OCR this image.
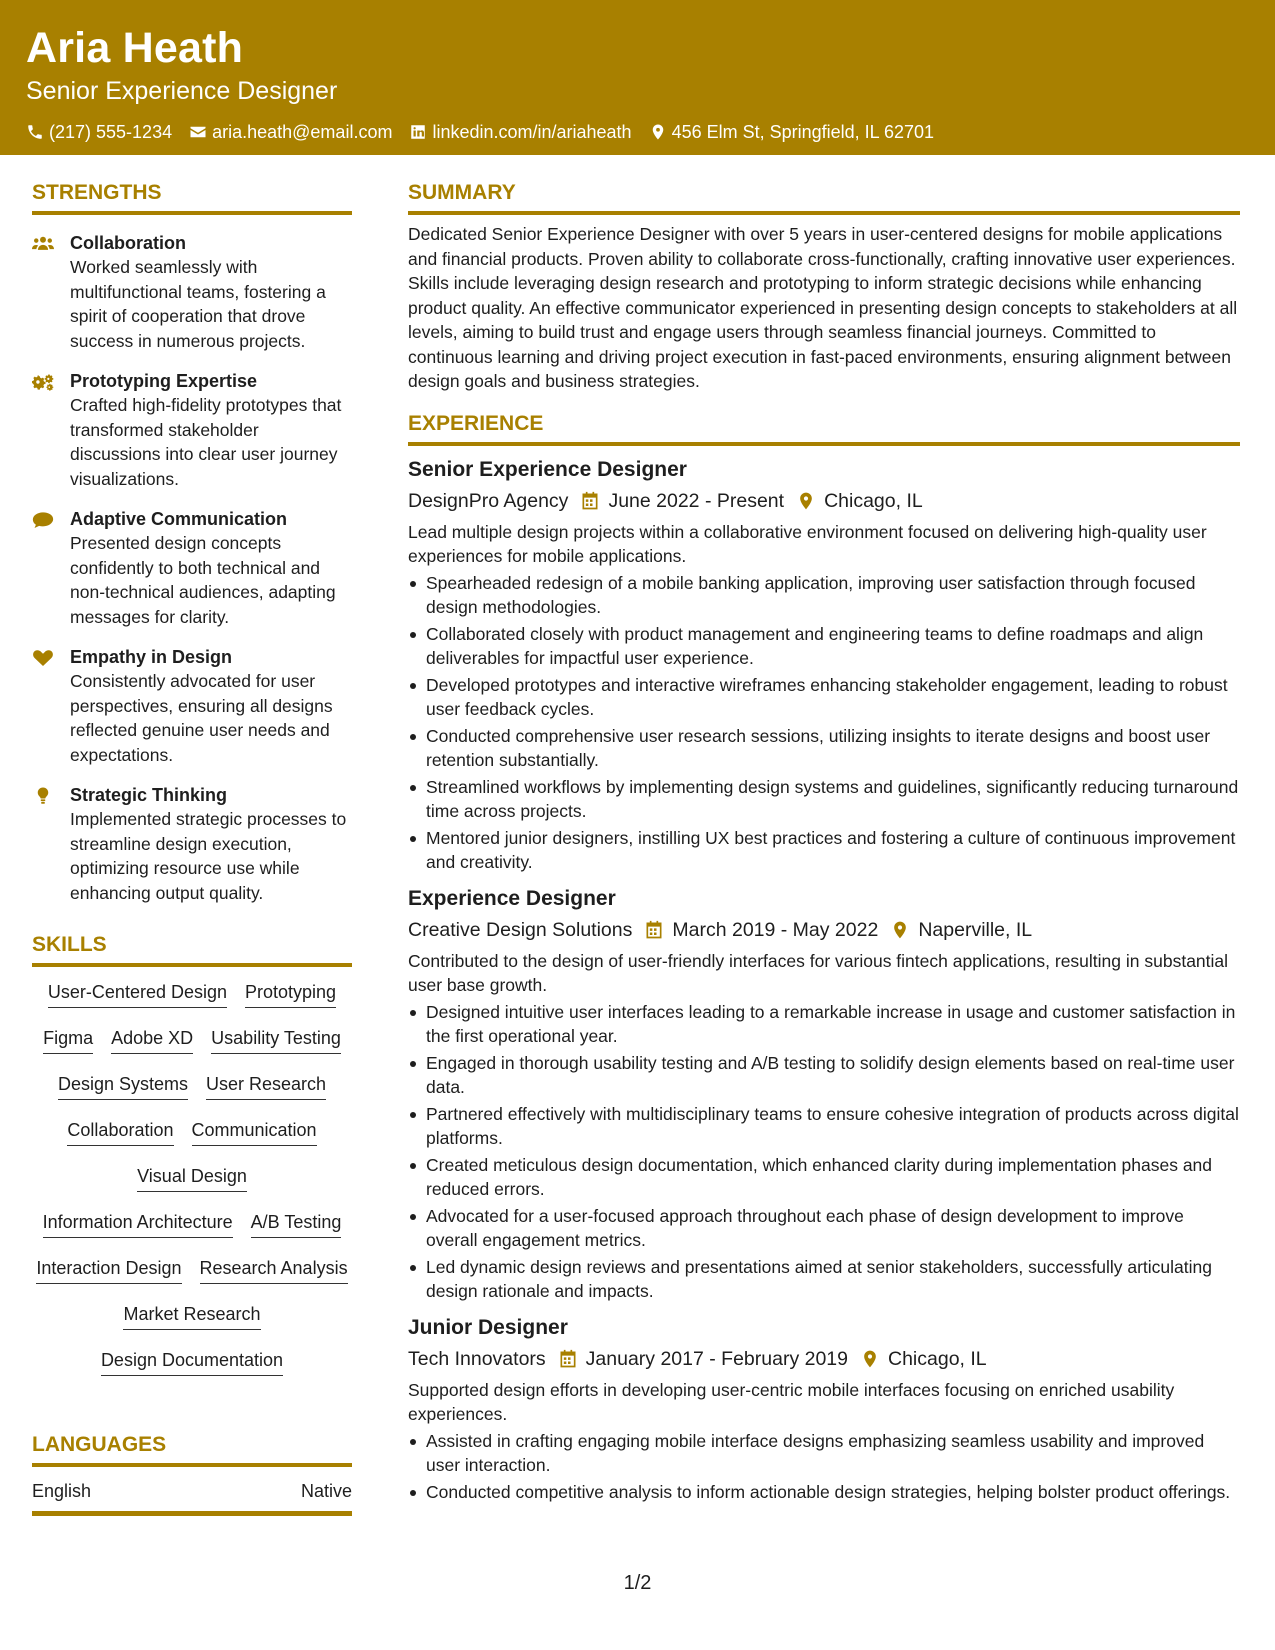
Aria Heath
Senior Experience Designer
(217) 555-1234 aria.heath@email.com linkedin.com/in/ariaheath 456 Elm St, Springfield, IL 62701
STRENGTHS
Collaboration
Worked seamlessly with multifunctional teams, fostering a spirit of cooperation that drove success in numerous projects.
Prototyping Expertise
Crafted high-fidelity prototypes that transformed stakeholder discussions into clear user journey visualizations.
Adaptive Communication
Presented design concepts confidently to both technical and non-technical audiences, adapting messages for clarity.
Empathy in Design
Consistently advocated for user perspectives, ensuring all designs reflected genuine user needs and expectations.
Strategic Thinking
Implemented strategic processes to streamline design execution, optimizing resource use while enhancing output quality.
SKILLS
User-Centered Design Prototyping
Figma Adobe XD Usability Testing
Design Systems User Research
Collaboration Communication
Visual Design
Information Architecture A/B Testing
Interaction Design Research Analysis
Market Research
Design Documentation
LANGUAGES
English	Native
SUMMARY
Dedicated Senior Experience Designer with over 5 years in user-centered designs for mobile applications and financial products. Proven ability to collaborate cross-functionally, crafting innovative user experiences. Skills include leveraging design research and prototyping to inform strategic decisions while enhancing product quality. An effective communicator experienced in presenting design concepts to stakeholders at all levels, aiming to build trust and engage users through seamless financial journeys. Committed to continuous learning and driving project execution in fast-paced environments, ensuring alignment between design goals and business strategies.
EXPERIENCE
Senior Experience Designer
DesignPro Agency June 2022 - Present Chicago, IL
Lead multiple design projects within a collaborative environment focused on delivering high-quality user experiences for mobile applications.
Spearheaded redesign of a mobile banking application, improving user satisfaction through focused design methodologies.
Collaborated closely with product management and engineering teams to define roadmaps and align deliverables for impactful user experience.
Developed prototypes and interactive wireframes enhancing stakeholder engagement, leading to robust user feedback cycles.
Conducted comprehensive user research sessions, utilizing insights to iterate designs and boost user retention substantially.
Streamlined workflows by implementing design systems and guidelines, significantly reducing turnaround time across projects.
Mentored junior designers, instilling UX best practices and fostering a culture of continuous improvement and creativity.
Experience Designer
Creative Design Solutions March 2019 - May 2022 Naperville, IL
Contributed to the design of user-friendly interfaces for various fintech applications, resulting in substantial user base growth.
Designed intuitive user interfaces leading to a remarkable increase in usage and customer satisfaction in the first operational year.
Engaged in thorough usability testing and A/B testing to solidify design elements based on real-time user data.
Partnered effectively with multidisciplinary teams to ensure cohesive integration of products across digital platforms.
Created meticulous design documentation, which enhanced clarity during implementation phases and reduced errors.
Advocated for a user-focused approach throughout each phase of design development to improve overall engagement metrics.
Led dynamic design reviews and presentations aimed at senior stakeholders, successfully articulating design rationale and impacts.
Junior Designer
Tech Innovators January 2017 - February 2019 Chicago, IL
Supported design efforts in developing user-centric mobile interfaces focusing on enriched usability experiences.
Assisted in crafting engaging mobile interface designs emphasizing seamless usability and improved user interaction.
Conducted competitive analysis to inform actionable design strategies, helping bolster product offerings.
1/2
